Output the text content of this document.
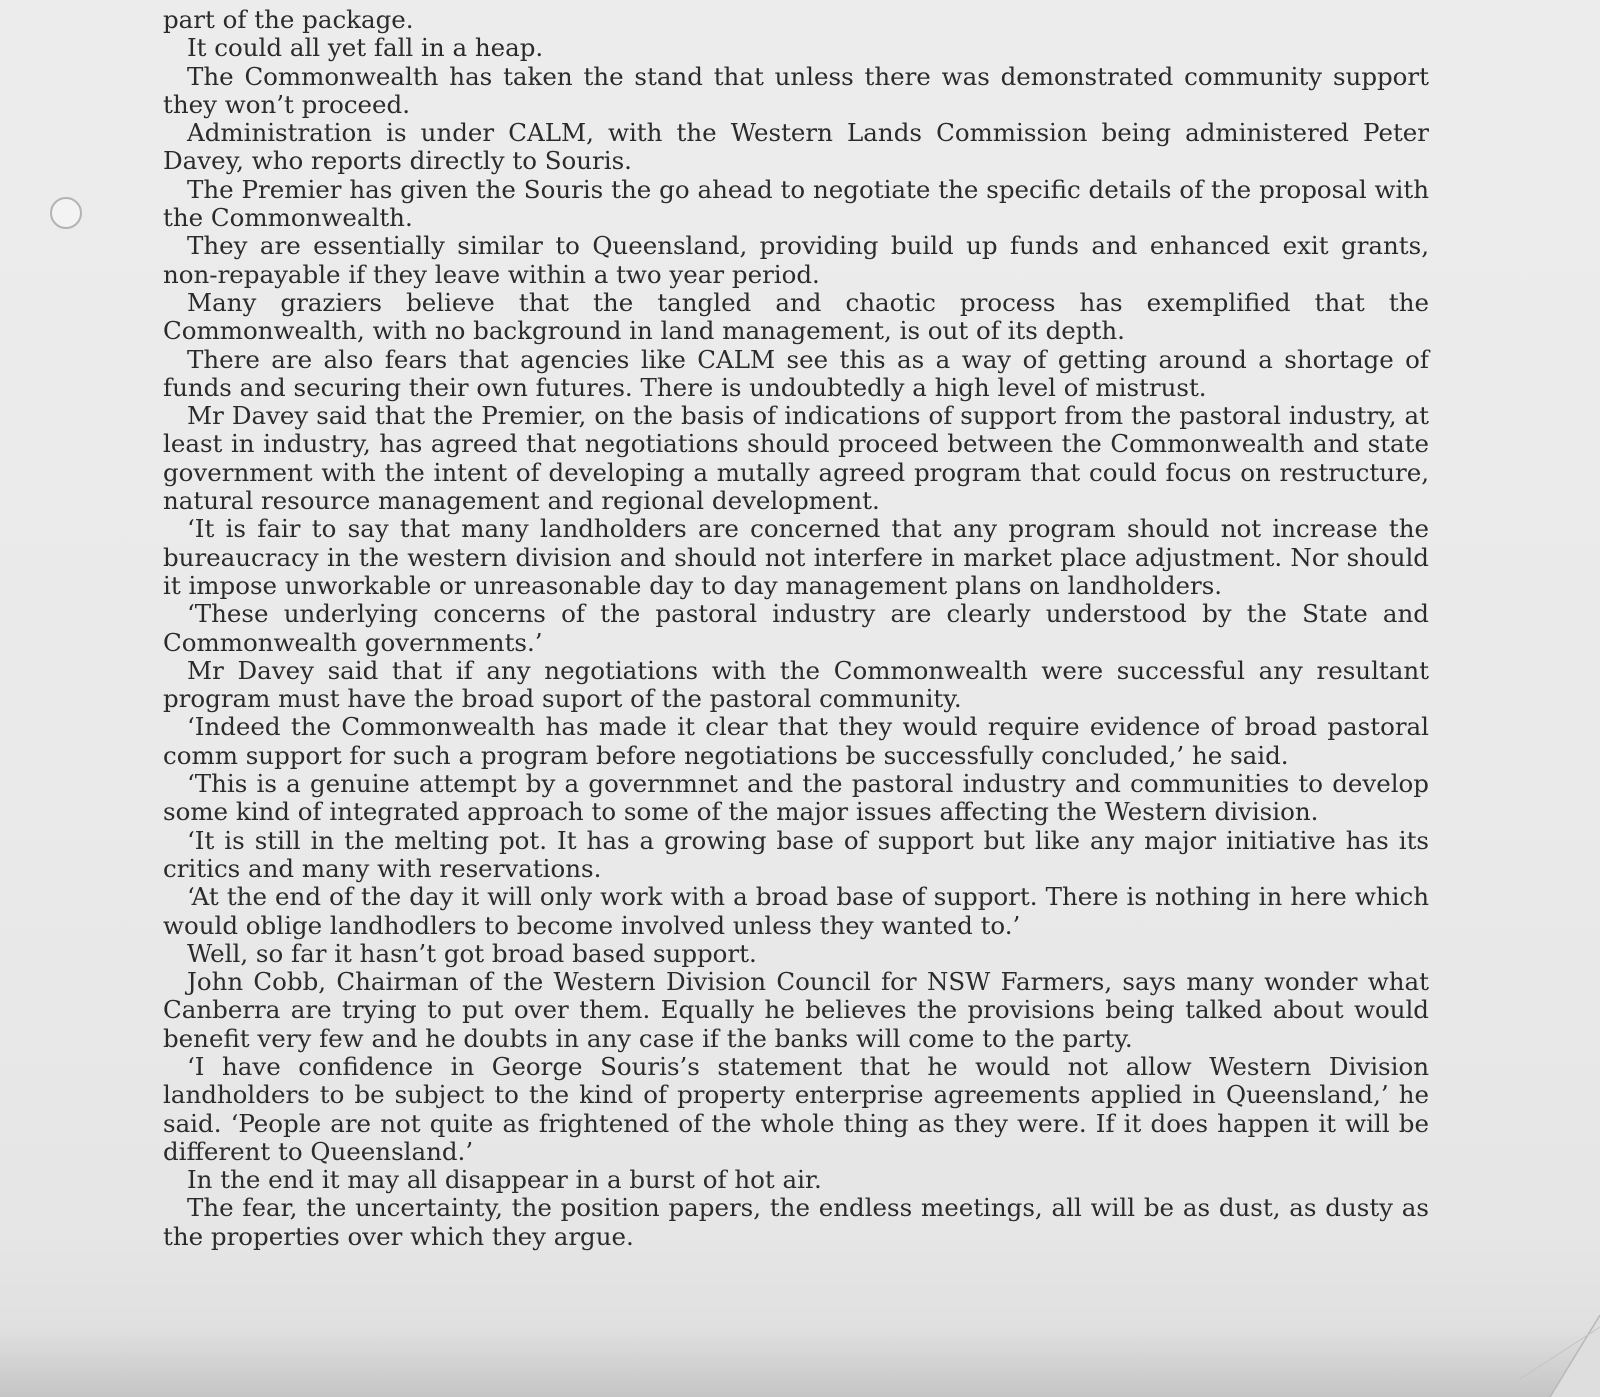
part of the package.

It could all yet fall in a heap.

The Commonwealth has taken the stand that unless there was demonstrated community support they won’t proceed.

Administration is under CALM, with the Western Lands Commission being administered Peter Davey, who reports directly to Souris.

The Premier has given the Souris the go ahead to negotiate the specific details of the proposal with the Commonwealth.

They are essentially similar to Queensland, providing build up funds and enhanced exit grants, non-repayable if they leave within a two year period.

Many graziers believe that the tangled and chaotic process has exemplified that the Commonwealth, with no background in land management, is out of its depth.

There are also fears that agencies like CALM see this as a way of getting around a shortage of funds and securing their own futures. There is undoubtedly a high level of mistrust.

Mr Davey said that the Premier, on the basis of indications of support from the pastoral industry, at least in industry, has agreed that negotiations should proceed between the Commonwealth and state government with the intent of developing a mutally agreed program that could focus on restructure, natural resource management and regional development.

‘It is fair to say that many landholders are concerned that any program should not increase the bureaucracy in the western division and should not interfere in market place adjustment. Nor should it impose unworkable or unreasonable day to day management plans on landholders.

‘These underlying concerns of the pastoral industry are clearly understood by the State and Commonwealth governments.’

Mr Davey said that if any negotiations with the Commonwealth were successful any resultant program must have the broad suport of the pastoral community.

‘Indeed the Commonwealth has made it clear that they would require evidence of broad pastoral comm support for such a program before negotiations be successfully concluded,’ he said.

‘This is a genuine attempt by a governmnet and the pastoral industry and communities to develop some kind of integrated approach to some of the major issues affecting the Western division.

‘It is still in the melting pot. It has a growing base of support but like any major initiative has its critics and many with reservations.

‘At the end of the day it will only work with a broad base of support. There is nothing in here which would oblige landhodlers to become involved unless they wanted to.’

Well, so far it hasn’t got broad based support.

John Cobb, Chairman of the Western Division Council for NSW Farmers, says many wonder what Canberra are trying to put over them. Equally he believes the provisions being talked about would benefit very few and he doubts in any case if the banks will come to the party.

‘I have confidence in George Souris’s statement that he would not allow Western Division landholders to be subject to the kind of property enterprise agreements applied in Queensland,’ he said. ‘People are not quite as frightened of the whole thing as they were. If it does happen it will be different to Queensland.’

In the end it may all disappear in a burst of hot air.

The fear, the uncertainty, the position papers, the endless meetings, all will be as dust, as dusty as the properties over which they argue.
